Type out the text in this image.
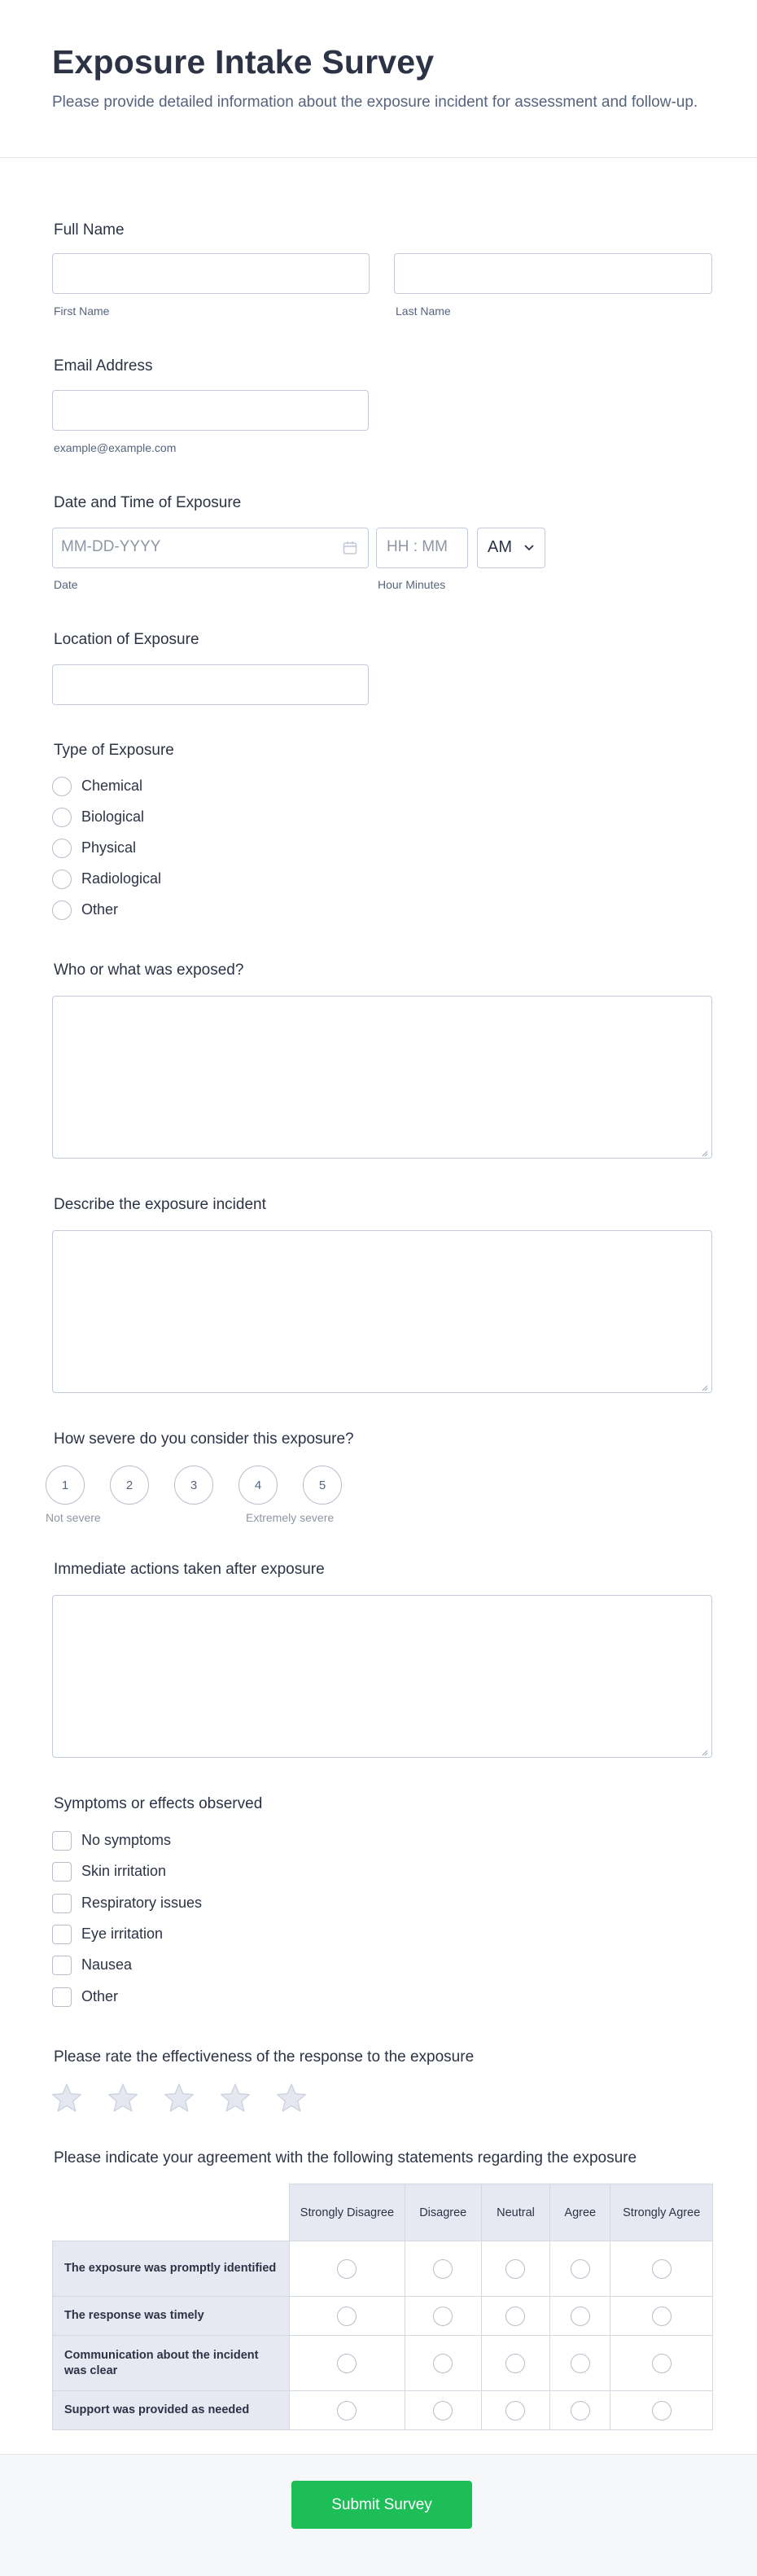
Exposure Intake Survey

Please provide detailed information about the exposure incident for assessment and follow-up.

Full Name
First Name	Last Name
Email Address
example@example.com
Date and Time of Exposure
MM-DD-YYYY	HH : MM AM
Date	Hour Minutes
Location of Exposure
Type of Exposure
Chemical
Biological
Physical
Radiological
Other
Who or what was exposed?
Describe the exposure incident
How severe do you consider this exposure?
1	2	3	4	5
Not severe	Extremely severe
Immediate actions taken after exposure
Symptoms or effects observed
No symptoms
Skin irritation
Respiratory issues
Eye irritation
Nausea
Other
Please rate the effectiveness of the response to the exposure
Please indicate your agreement with the following statements regarding the exposure
	Strongly Disagree	Disagree	Neutral	Agree	Strongly Agree
The exposure was promptly identified					
The response was timely					
Communication about the incident was clear					
Support was provided as needed					
Submit Survey
